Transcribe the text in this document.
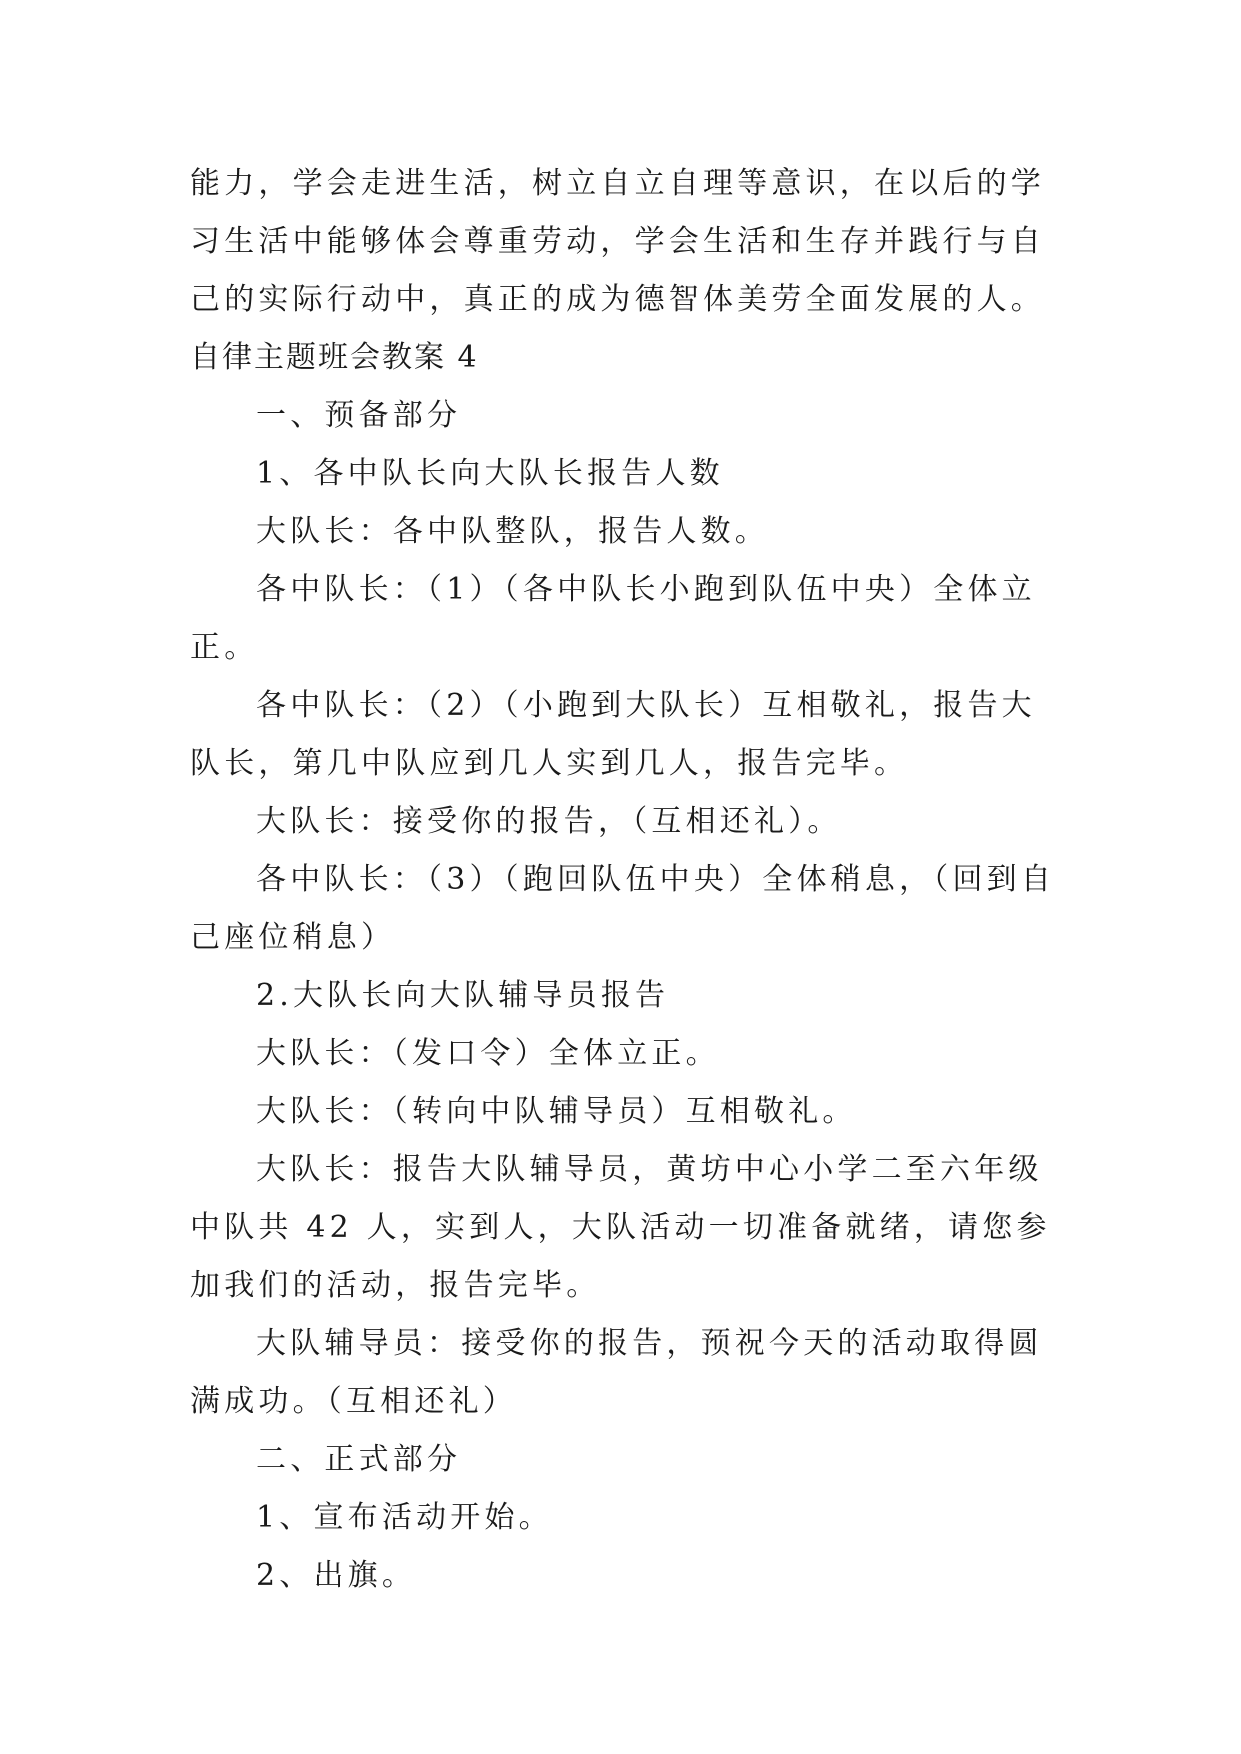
能力，学会走进生活，树立自立自理等意识，在以后的学习生活中能够体会尊重劳动，学会生活和生存并践行与自己的实际行动中，真正的成为德智体美劳全面发展的人。

自律主题班会教案 4

一、预备部分

1、各中队长向大队长报告人数

大队长：各中队整队，报告人数。

各中队长：（1）（各中队长小跑到队伍中央）全体立正。

各中队长：（2）（小跑到大队长）互相敬礼，报告大队长，第几中队应到几人实到几人，报告完毕。

大队长：接受你的报告，（互相还礼）。

各中队长：（3）（跑回队伍中央）全体稍息，（回到自己座位稍息）

2.大队长向大队辅导员报告

大队长：（发口令）全体立正。

大队长：（转向中队辅导员）互相敬礼。

大队长：报告大队辅导员，黄坊中心小学二至六年级中队共 42 人，实到人，大队活动一切准备就绪，请您参加我们的活动，报告完毕。

大队辅导员：接受你的报告，预祝今天的活动取得圆满成功。（互相还礼）

二、正式部分

1、宣布活动开始。

2、出旗。
